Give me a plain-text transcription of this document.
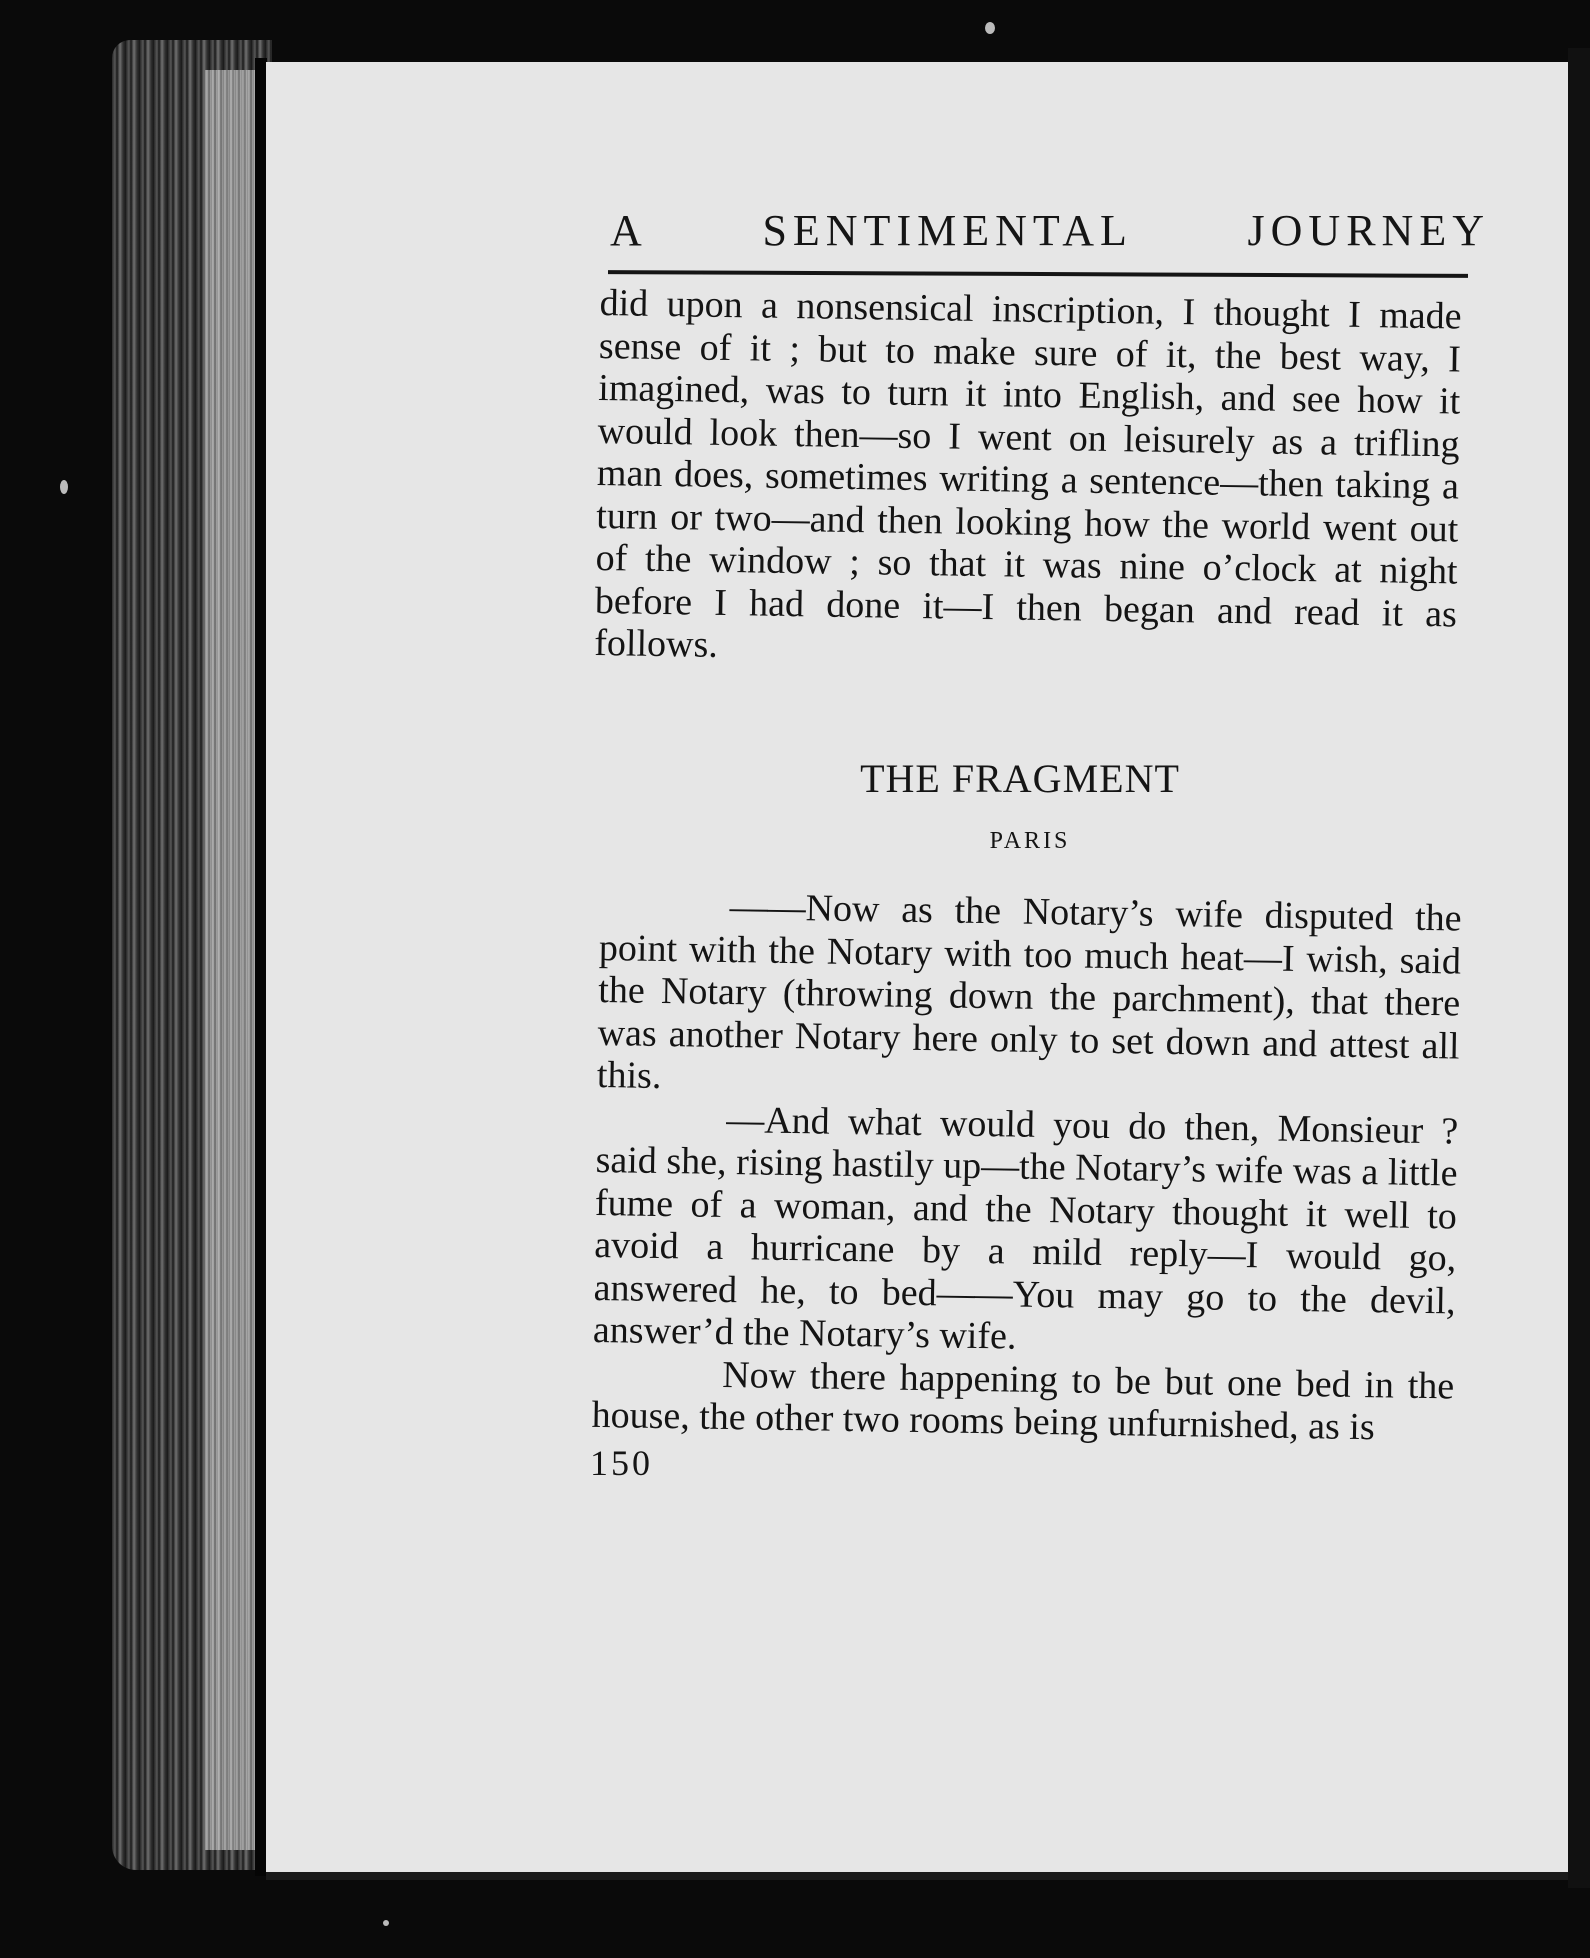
A	SENTIMENTAL	JOURNEY

did upon a nonsensical inscription, I thought I made sense of it ; but to make sure of it, the best way, I imagined, was to turn it into English, and see how it would look then—so I went on leisurely as a trifling man does, sometimes writing a sentence—then taking a turn or two—and then looking how the world went out of the window ; so that it was nine o’clock at night before I had done it—I then began and read it as follows.

THE FRAGMENT
PARIS

——Now as the Notary’s wife disputed the point with the Notary with too much heat—I wish, said the Notary (throwing down the parchment), that there was another Notary here only to set down and attest all this.

—And what would you do then, Monsieur ? said she, rising hastily up—the Notary’s wife was a little fume of a woman, and the Notary thought it well to avoid a hurricane by a mild reply—I would go, answered he, to bed——You may go to the devil, answer’d the Notary’s wife.

Now there happening to be but one bed in the house, the other two rooms being unfurnished, as is

150
